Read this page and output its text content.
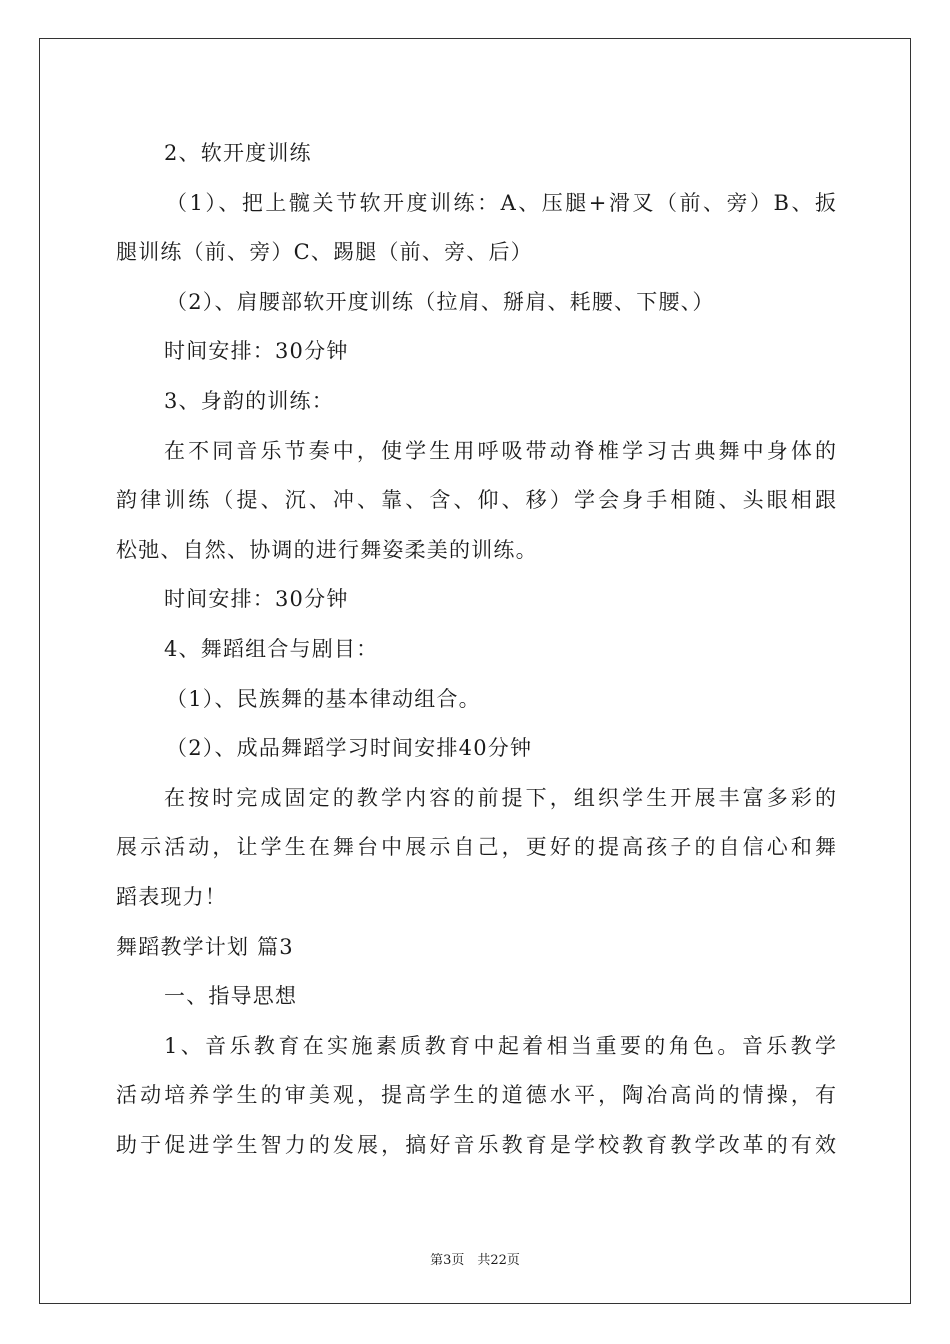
2、软开度训练

（1）、把上髋关节软开度训练：A、压腿+滑叉（前、旁）B、扳

腿训练（前、旁）C、踢腿（前、旁、后）

（2）、肩腰部软开度训练（拉肩、掰肩、耗腰、下腰、）

时间安排：30分钟

3、身韵的训练：

在不同音乐节奏中，使学生用呼吸带动脊椎学习古典舞中身体的

韵律训练（提、沉、冲、靠、含、仰、移）学会身手相随、头眼相跟

松弛、自然、协调的进行舞姿柔美的训练。

时间安排：30分钟

4、舞蹈组合与剧目：

（1）、民族舞的基本律动组合。

（2）、成品舞蹈学习时间安排40分钟

在按时完成固定的教学内容的前提下，组织学生开展丰富多彩的

展示活动，让学生在舞台中展示自己，更好的提高孩子的自信心和舞

蹈表现力！

舞蹈教学计划 篇3

一、指导思想

1、音乐教育在实施素质教育中起着相当重要的角色。音乐教学

活动培养学生的审美观，提高学生的道德水平，陶冶高尚的情操，有

助于促进学生智力的发展，搞好音乐教育是学校教育教学改革的有效

第3页　共22页
